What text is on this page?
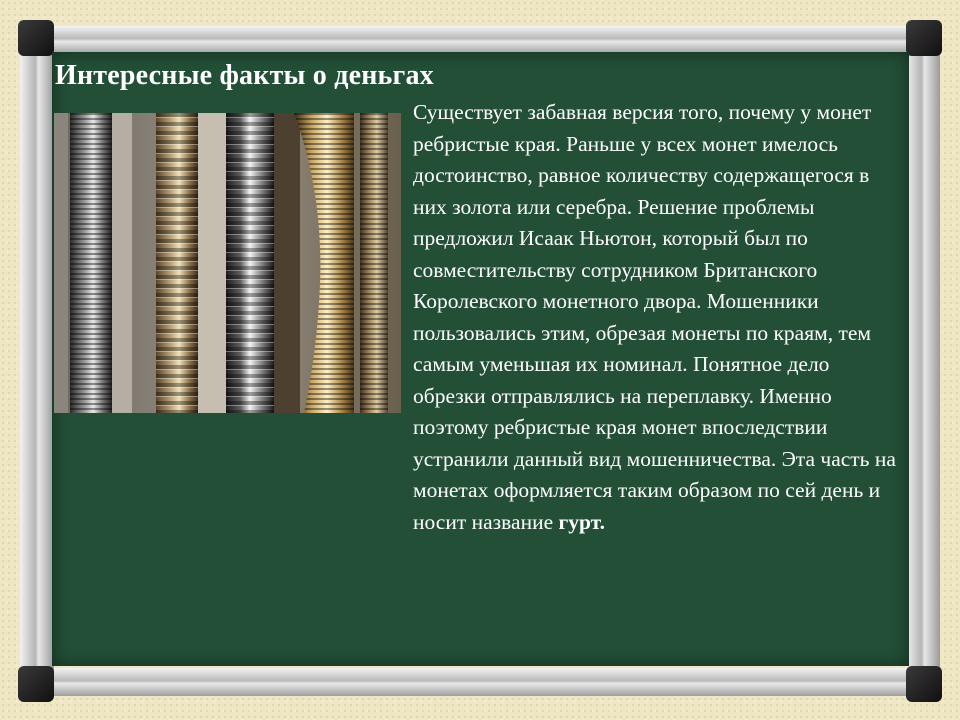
Интересные факты о деньгах
Существует забавная версия того, почему у монет ребристые края. Раньше у всех монет имелось достоинство, равное количеству содержащегося в них золота или серебра. Решение проблемы предложил Исаак Ньютон, который был по совместительству сотрудником Британского Королевского монетного двора. Мошенники пользовались этим, обрезая монеты по краям, тем самым уменьшая их номинал. Понятное дело обрезки отправлялись на переплавку. Именно поэтому ребристые края монет впоследствии устранили данный вид мошенничества. Эта часть на монетах оформляется таким образом по сей день и носит название гурт.
